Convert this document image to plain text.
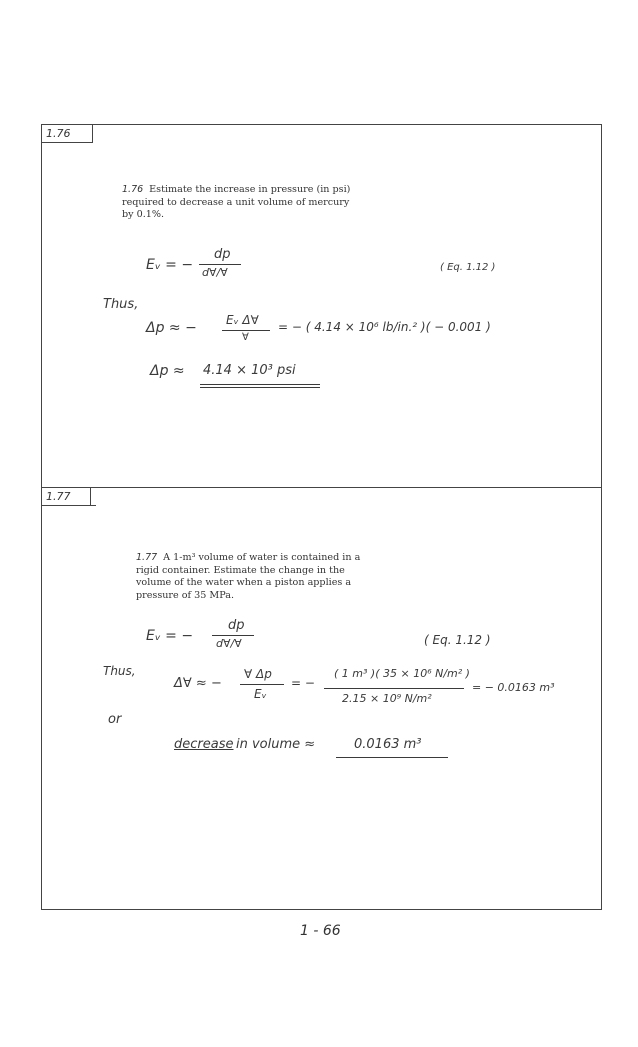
1.76
1.76 Estimate the increase in pressure (in psi) required to decrease a unit volume of mercury by 0.1%.
Eᵥ = −
dp
d∀/∀	( Eq. 1.12 )
Thus,
Δp ≈ − Eᵥ Δ∀
∀
= − ( 4.14 × 10⁶ lb/in.² )( − 0.001 )
Δp ≈ 4.14 × 10³ psi
1.77
1.77 A 1-m³ volume of water is contained in a rigid container. Estimate the change in the volume of the water when a piston applies a pressure of 35 MPa.
Eᵥ = −
dp
d∀/∀	( Eq. 1.12 )
Thus,
Δ∀ ≈ −
∀ Δp
Eᵥ
= −
( 1 m³ )( 35 × 10⁶ N/m² )
2.15 × 10⁹ N/m²
= − 0.0163 m³
or
decrease in volume ≈	0.0163 m³
1 - 66
